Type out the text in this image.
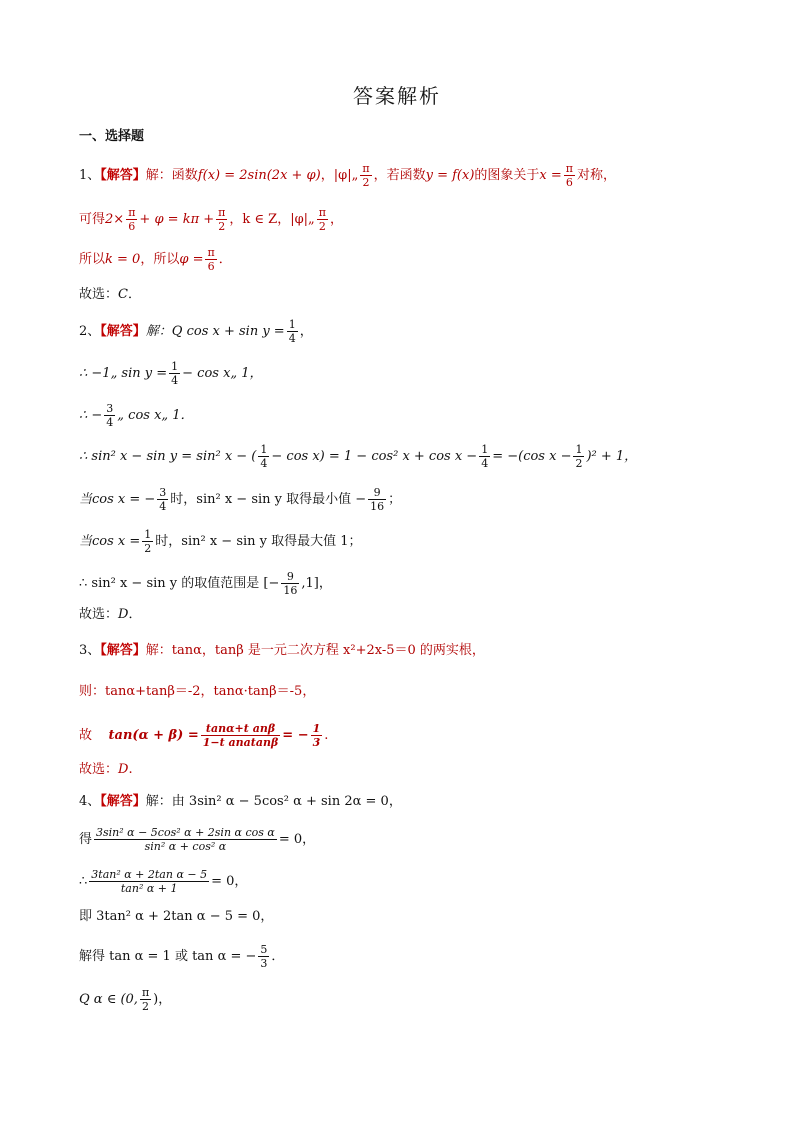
答案解析
一、选择题
1、【解答】解：函数f(x) = 2sin(2x + φ)，|φ|„ $\frac{\pi}{2}$ ，若函数y = f(x)的图象关于$x = \frac{\pi}{6}$ 对称，
可得$2\times \frac{\pi}{6} + \varphi = k\pi + \frac{\pi}{2}$ ，k ∈ Z，|φ|„ $\frac{\pi}{2}$ ，
所以k = 0，所以$\varphi = \frac{\pi}{6}$ ．
故选：C．
2、【解答】解：Q $\cos x + \sin y = \frac{1}{4}$ ，
∴ −1„ $\sin y = \frac{1}{4} - \cos$ x„ 1，
∴ − $\frac{3}{4}$ „ cos x„ 1．
∴ sin² x − sin y = sin² x − ( $\frac{1}{4} - \cos x) = 1 - \cos^2$ $x + \cos x - \frac{1}{4} = -(\cos$ $x - \frac{1}{2} )^2 + 1$，
当cos x = − $\frac{3}{4}$ 时，sin² x − sin y 取得最小值 − $\frac{9}{16}$ ；
当$\cos x = \frac{1}{2}$ 时，sin² x − sin y 取得最大值 1；
∴ sin² x − sin y 的取值范围是 [− $\frac{9}{16} ,1$]，
故选：D．
3、【解答】解：tanα，tanβ 是一元二次方程 x²+2x-5＝0 的两实根，
则：tanα+tanβ＝-2，tanα·tanβ＝-5，
故 $\tan(\alpha + \beta) = \frac{\text{tanα+t anβ}}{\text{1−t anatanβ}}$ = − $\frac{1}{3}$ .
故选：D.
4、【解答】解：由 3sin² α − 5cos² α + sin 2α = 0，
得 $\frac{\text{3sin² α − 5cos² α + 2sin α cos α}}{\text{sin² α + cos² α}} = 0$，
∴ $\frac{\text{3tan² α + 2tan α − 5}}{\text{tan² α + 1}} = 0$，
即 3tan² α + 2tan α − 5 = 0，
解得 tan α = 1 或 tan α = − $\frac{5}{3}$ ．
Q α ∈ (0, $\frac{\pi}{2}$ )，
